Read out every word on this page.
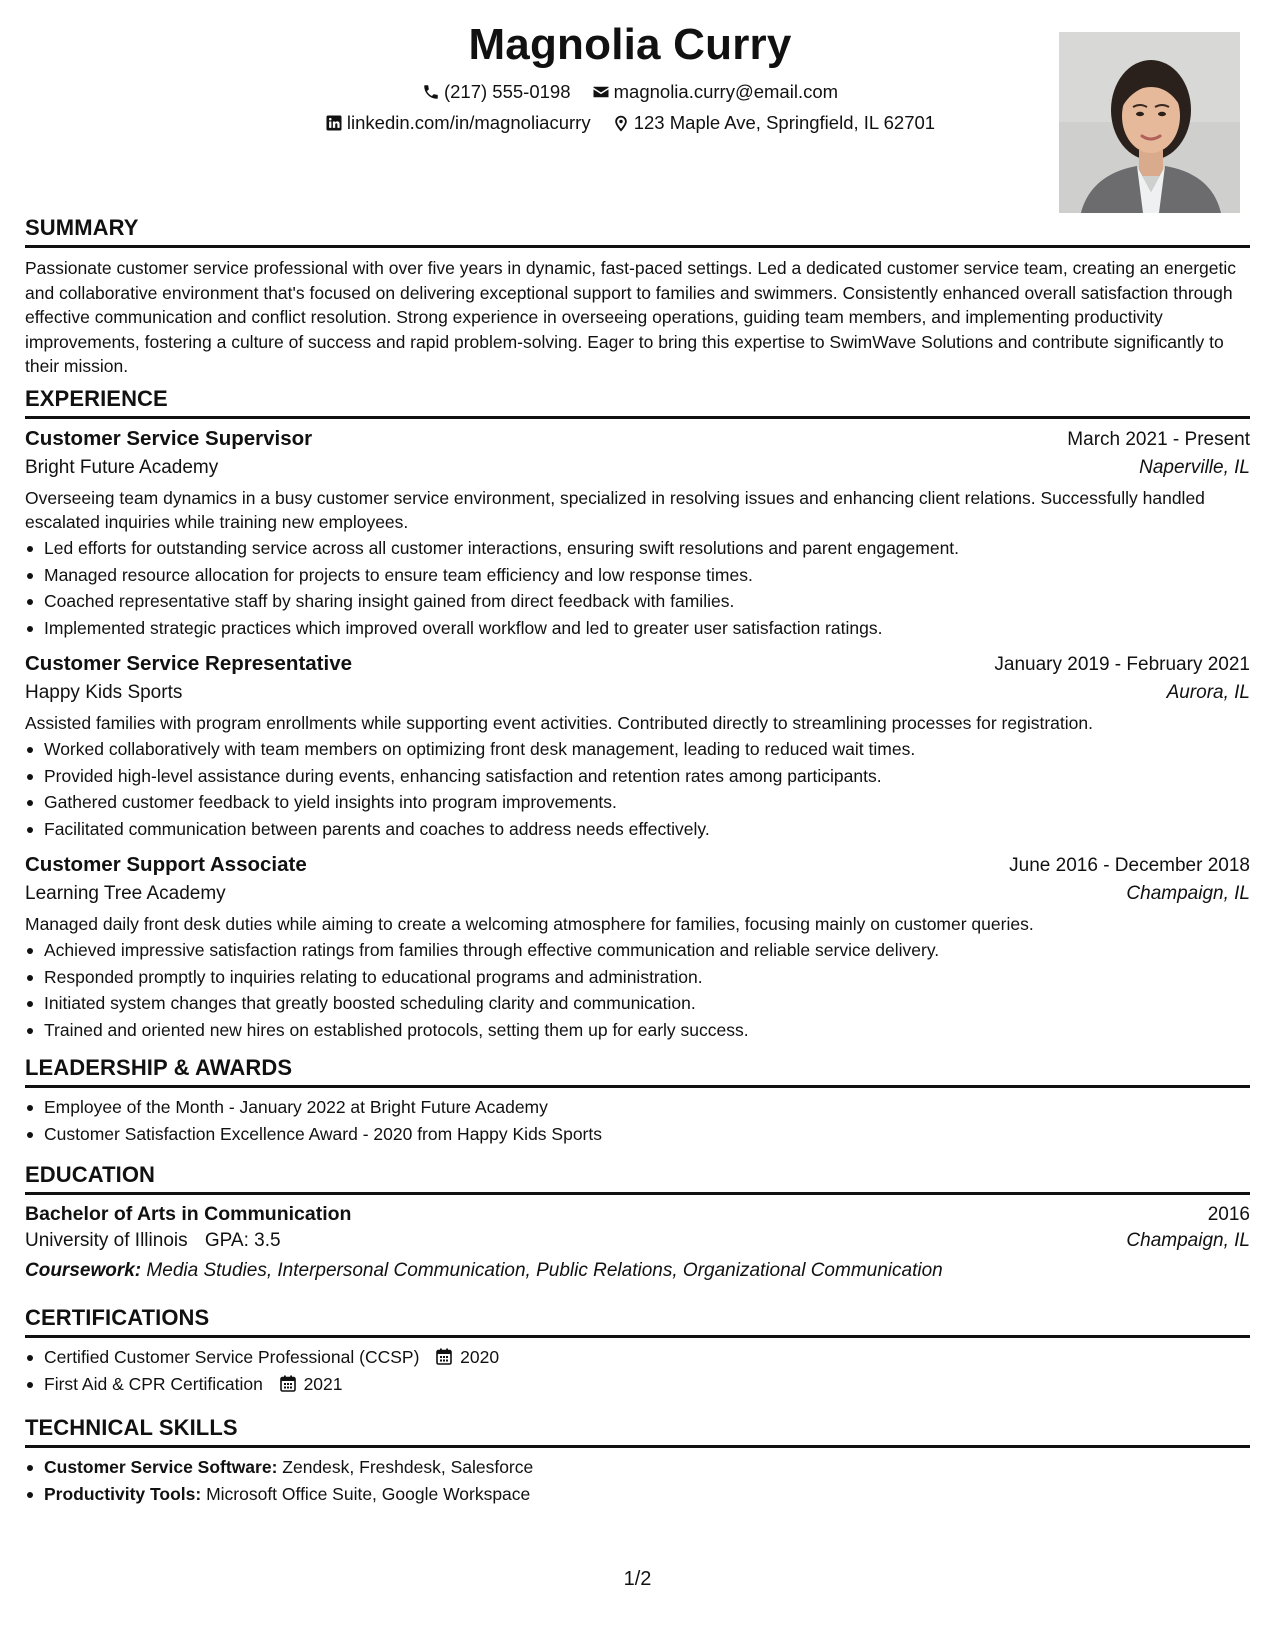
Magnolia Curry
(217) 555-0198
magnolia.curry@email.com
linkedin.com/in/magnoliacurry
123 Maple Ave, Springfield, IL 62701
SUMMARY
Passionate customer service professional with over five years in dynamic, fast-paced settings. Led a dedicated customer service team, creating an energetic and collaborative environment that's focused on delivering exceptional support to families and swimmers. Consistently enhanced overall satisfaction through effective communication and conflict resolution. Strong experience in overseeing operations, guiding team members, and implementing productivity improvements, fostering a culture of success and rapid problem-solving. Eager to bring this expertise to SwimWave Solutions and contribute significantly to their mission.
EXPERIENCE
Customer Service Supervisor	March 2021 - Present
Bright Future Academy	Naperville, IL
Overseeing team dynamics in a busy customer service environment, specialized in resolving issues and enhancing client relations. Successfully handled escalated inquiries while training new employees.
Led efforts for outstanding service across all customer interactions, ensuring swift resolutions and parent engagement.
Managed resource allocation for projects to ensure team efficiency and low response times.
Coached representative staff by sharing insight gained from direct feedback with families.
Implemented strategic practices which improved overall workflow and led to greater user satisfaction ratings.
Customer Service Representative	January 2019 - February 2021
Happy Kids Sports	Aurora, IL
Assisted families with program enrollments while supporting event activities. Contributed directly to streamlining processes for registration.
Worked collaboratively with team members on optimizing front desk management, leading to reduced wait times.
Provided high-level assistance during events, enhancing satisfaction and retention rates among participants.
Gathered customer feedback to yield insights into program improvements.
Facilitated communication between parents and coaches to address needs effectively.
Customer Support Associate	June 2016 - December 2018
Learning Tree Academy	Champaign, IL
Managed daily front desk duties while aiming to create a welcoming atmosphere for families, focusing mainly on customer queries.
Achieved impressive satisfaction ratings from families through effective communication and reliable service delivery.
Responded promptly to inquiries relating to educational programs and administration.
Initiated system changes that greatly boosted scheduling clarity and communication.
Trained and oriented new hires on established protocols, setting them up for early success.
LEADERSHIP & AWARDS
Employee of the Month - January 2022 at Bright Future Academy
Customer Satisfaction Excellence Award - 2020 from Happy Kids Sports
EDUCATION
Bachelor of Arts in Communication	2016
University of Illinois GPA: 3.5	Champaign, IL
Coursework: Media Studies, Interpersonal Communication, Public Relations, Organizational Communication
CERTIFICATIONS
Certified Customer Service Professional (CCSP) 2020
First Aid & CPR Certification 2021
TECHNICAL SKILLS
Customer Service Software: Zendesk, Freshdesk, Salesforce
Productivity Tools: Microsoft Office Suite, Google Workspace
1/2
